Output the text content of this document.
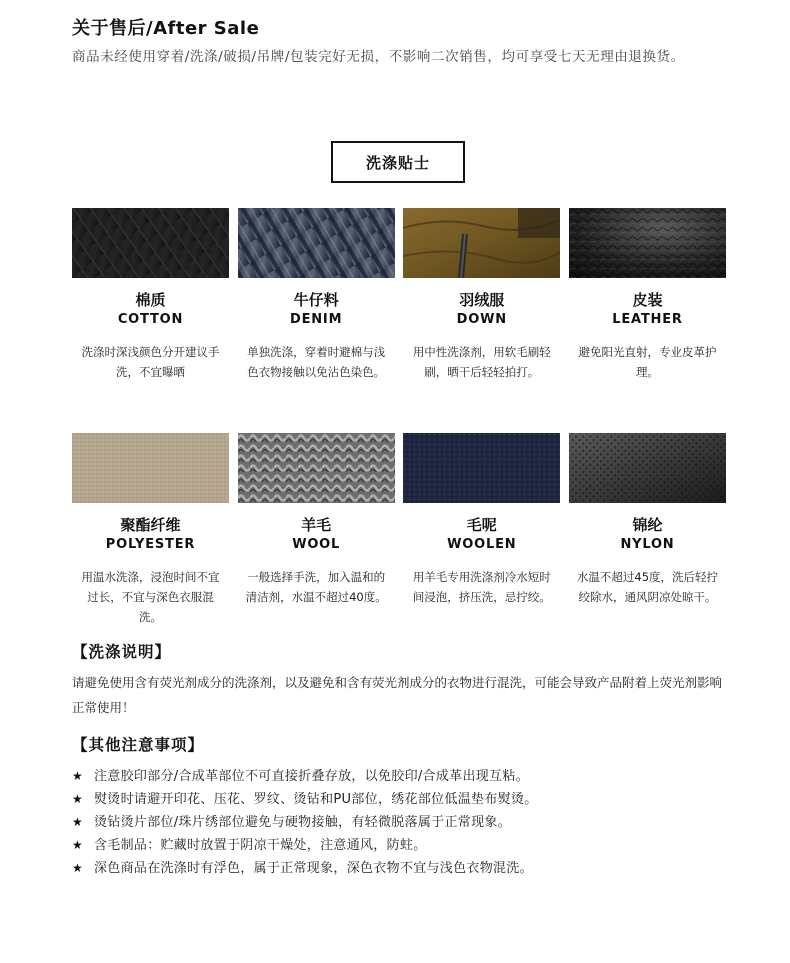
关于售后/After Sale

商品未经使用穿着/洗涤/破损/吊牌/包装完好无损，不影响二次销售，均可享受七天无理由退换货。

洗涤贴士
棉质
COTTON
洗涤时深浅颜色分开建议手洗，不宜曝晒
牛仔料
DENIM
单独洗涤，穿着时避棉与浅色衣物接触以免沾色染色。
羽绒服
DOWN
用中性洗涤剂，用软毛刷轻刷，晒干后轻轻拍打。
皮装
LEATHER
避免阳光直射，专业皮革护理。
聚酯纤维
POLYESTER
用温水洗涤，浸泡时间不宜过长，不宜与深色衣服混洗。
羊毛
WOOL
一般选择手洗，加入温和的清洁剂，水温不超过40度。
毛呢
WOOLEN
用羊毛专用洗涤剂冷水短时间浸泡，挤压洗，忌拧绞。
锦纶
NYLON
水温不超过45度，洗后轻拧绞除水，通风阴凉处晾干。
【洗涤说明】

请避免使用含有荧光剂成分的洗涤剂，以及避免和含有荧光剂成分的衣物进行混洗，可能会导致产品附着上荧光剂影响正常使用！

【其他注意事项】
★ 注意胶印部分/合成革部位不可直接折叠存放，以免胶印/合成革出现互粘。
★ 熨烫时请避开印花、压花、罗纹、烫钻和PU部位，绣花部位低温垫布熨烫。
★ 烫钻烫片部位/珠片绣部位避免与硬物接触，有轻微脱落属于正常现象。
★ 含毛制品：贮藏时放置于阴凉干燥处，注意通风，防蛀。
★ 深色商品在洗涤时有浮色，属于正常现象，深色衣物不宜与浅色衣物混洗。
